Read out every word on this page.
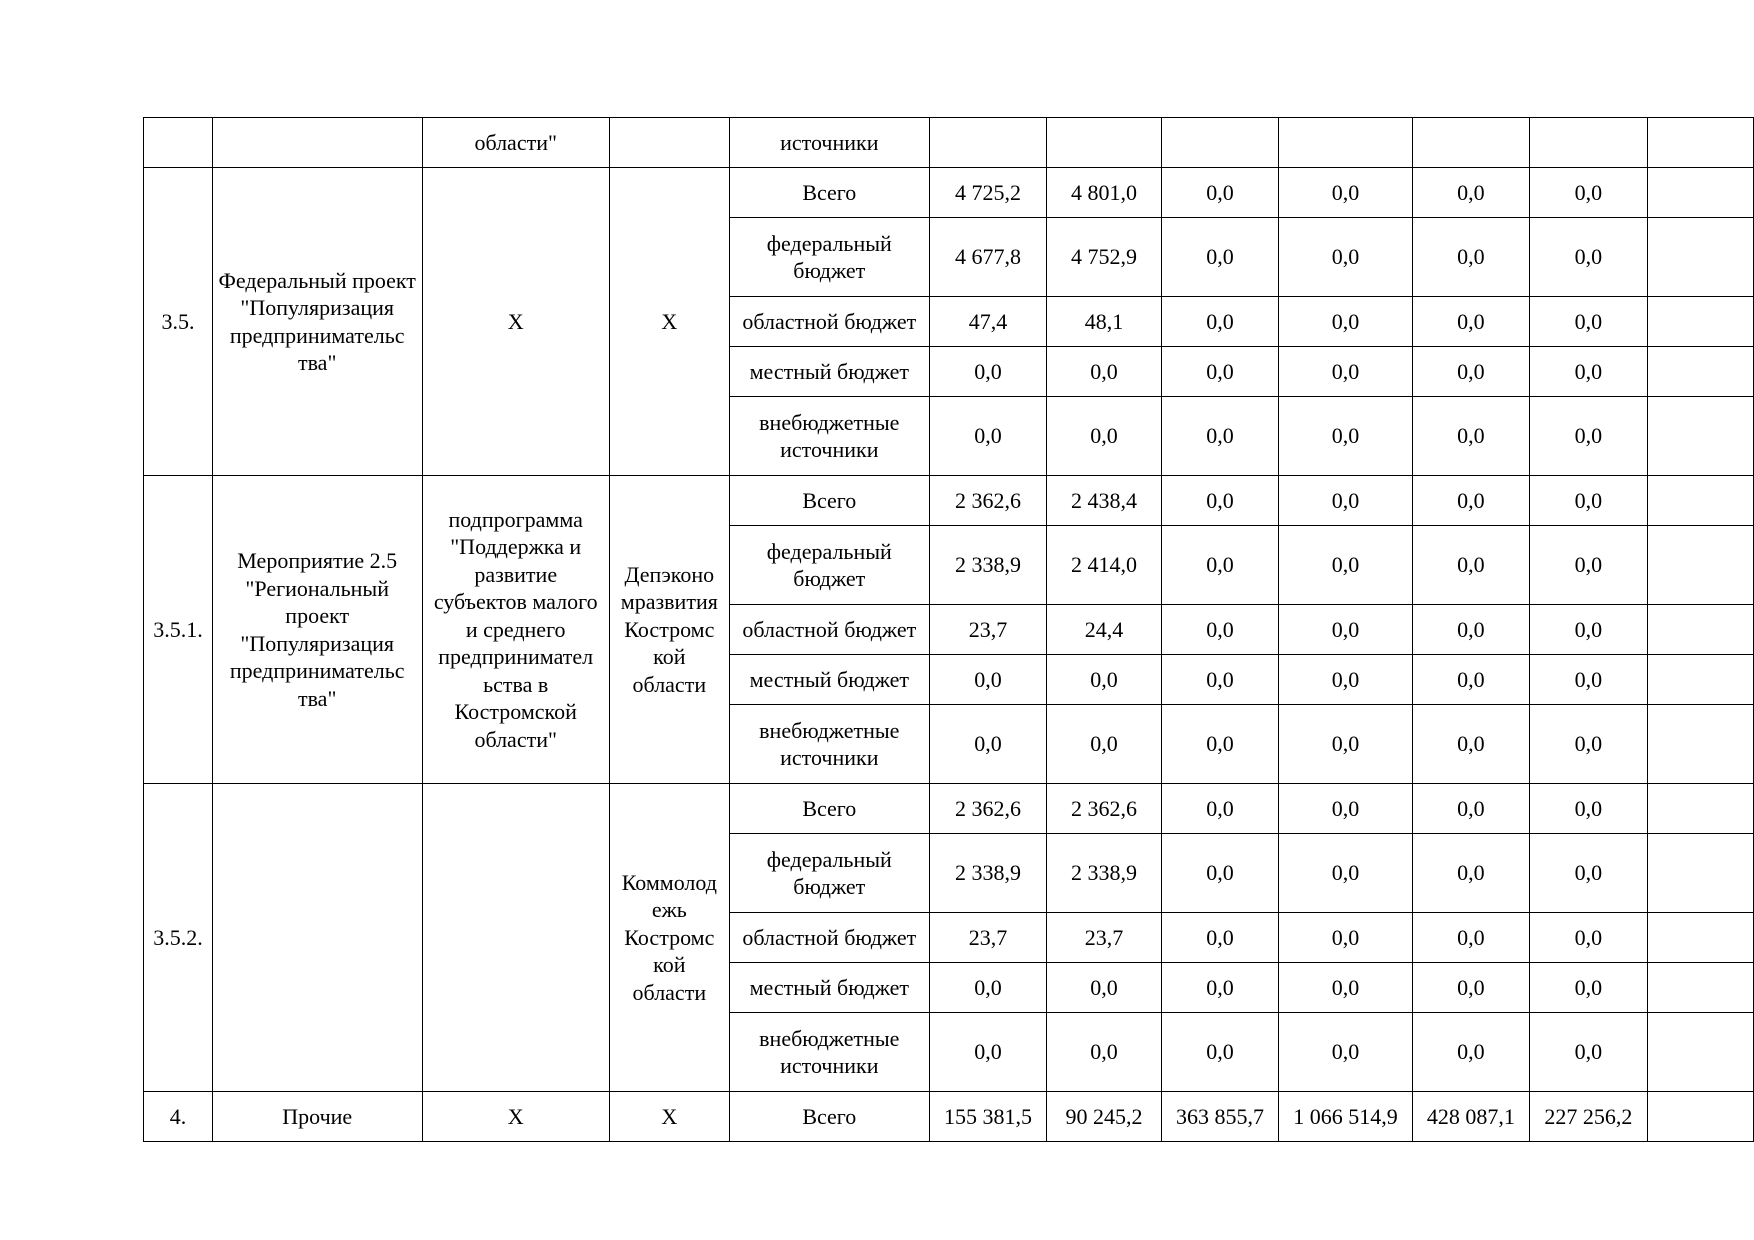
		области"		источники							
3.5.	Федеральный проект "Популяризация предпринимательс тва"	X	X	Всего	4 725,2	4 801,0	0,0	0,0	0,0	0,0	
				федеральный бюджет	4 677,8	4 752,9	0,0	0,0	0,0	0,0	
				областной бюджет	47,4	48,1	0,0	0,0	0,0	0,0	
				местный бюджет	0,0	0,0	0,0	0,0	0,0	0,0	
				внебюджетные источники	0,0	0,0	0,0	0,0	0,0	0,0	
3.5.1.	Мероприятие 2.5 "Региональный проект "Популяризация предпринимательс тва"	подпрограмма "Поддержка и развитие субъектов малого и среднего предпринимател ьства в Костромской области"	Депэконо мразвития Костромс кой области	Всего	2 362,6	2 438,4	0,0	0,0	0,0	0,0	
				федеральный бюджет	2 338,9	2 414,0	0,0	0,0	0,0	0,0	
				областной бюджет	23,7	24,4	0,0	0,0	0,0	0,0	
				местный бюджет	0,0	0,0	0,0	0,0	0,0	0,0	
				внебюджетные источники	0,0	0,0	0,0	0,0	0,0	0,0	
3.5.2.			Коммолод ежь Костромс кой области	Всего	2 362,6	2 362,6	0,0	0,0	0,0	0,0	
				федеральный бюджет	2 338,9	2 338,9	0,0	0,0	0,0	0,0	
				областной бюджет	23,7	23,7	0,0	0,0	0,0	0,0	
				местный бюджет	0,0	0,0	0,0	0,0	0,0	0,0	
				внебюджетные источники	0,0	0,0	0,0	0,0	0,0	0,0	
4.	Прочие	X	X	Всего	155 381,5	90 245,2	363 855,7	1 066 514,9	428 087,1	227 256,2	
